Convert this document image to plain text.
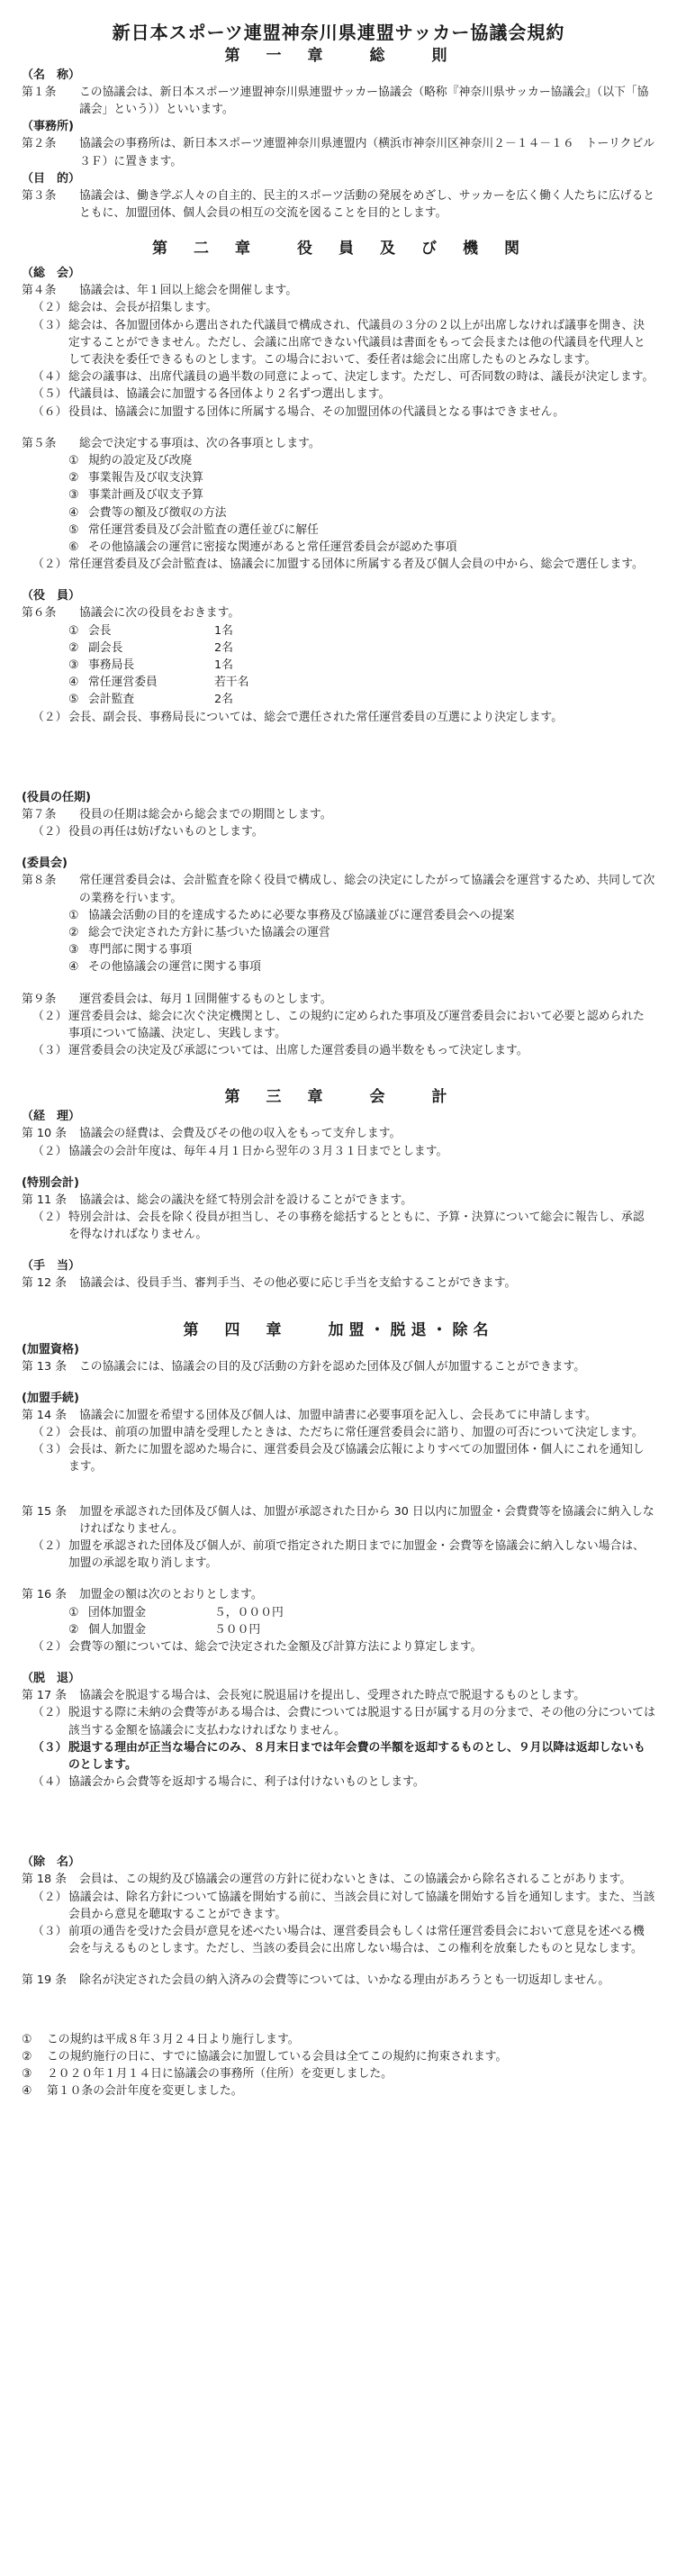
新日本スポーツ連盟神奈川県連盟サッカー協議会規約

第　一　章　　総　　則

（名　称）

第１条 この協議会は、新日本スポーツ連盟神奈川県連盟サッカー協議会（略称『神奈川県サッカー協議会』（以下「協議会」という））といいます。

（事務所)

第２条 協議会の事務所は、新日本スポーツ連盟神奈川県連盟内（横浜市神奈川区神奈川２－１４－１６　トーリクビル３Ｆ）に置きます。

（目　的）

第３条 協議会は、働き学ぶ人々の自主的、民主的スポーツ活動の発展をめざし、サッカーを広く働く人たちに広げるとともに、加盟団体、個人会員の相互の交流を図ることを目的とします。

第　二　章　　役　員　及　び　機　関

（総　会）

第４条 協議会は、年１回以上総会を開催します。
（２） 総会は、会長が招集します。
（３） 総会は、各加盟団体から選出された代議員で構成され、代議員の３分の２以上が出席しなければ議事を開き、決定することができません。ただし、会議に出席できない代議員は書面をもって会長または他の代議員を代理人として表決を委任できるものとします。この場合において、委任者は総会に出席したものとみなします。
（４） 総会の議事は、出席代議員の過半数の同意によって、決定します。ただし、可否同数の時は、議長が決定します。
（５） 代議員は、協議会に加盟する各団体より２名ずつ選出します。
（６） 役員は、協議会に加盟する団体に所属する場合、その加盟団体の代議員となる事はできません。
第５条 総会で決定する事項は、次の各事項とします。
① 規約の設定及び改廃
② 事業報告及び収支決算
③ 事業計画及び収支予算
④ 会費等の額及び徴収の方法
⑤ 常任運営委員及び会計監査の選任並びに解任
⑥ その他協議会の運営に密接な関連があると常任運営委員会が認めた事項
（２） 常任運営委員及び会計監査は、協議会に加盟する団体に所属する者及び個人会員の中から、総会で選任します。

（役　員）

第６条 協議会に次の役員をおきます。
① 会長	1名
② 副会長	2名
③ 事務局長	1名
④ 常任運営委員	若干名
⑤ 会計監査	2名
（２） 会長、副会長、事務局長については、総会で選任された常任運営委員の互選により決定します。

(役員の任期)

第７条 役員の任期は総会から総会までの期間とします。
（２） 役員の再任は妨げないものとします。

(委員会)

第８条 常任運営委員会は、会計監査を除く役員で構成し、総会の決定にしたがって協議会を運営するため、共同して次の業務を行います。
① 協議会活動の目的を達成するために必要な事務及び協議並びに運営委員会への提案
② 総会で決定された方針に基づいた協議会の運営
③ 専門部に関する事項
④ その他協議会の運営に関する事項
第９条 運営委員会は、毎月１回開催するものとします。
（２） 運営委員会は、総会に次ぐ決定機関とし、この規約に定められた事項及び運営委員会において必要と認められた事項について協議、決定し、実践します。
（３） 運営委員会の決定及び承認については、出席した運営委員の過半数をもって決定します。

第　三　章　　会　　計

（経　理）

第 10 条 協議会の経費は、会費及びその他の収入をもって支弁します。
（２） 協議会の会計年度は、毎年４月１日から翌年の３月３１日までとします。

(特別会計)

第 11 条 協議会は、総会の議決を経て特別会計を設けることができます。
（２） 特別会計は、会長を除く役員が担当し、その事務を総括するとともに、予算・決算について総会に報告し、承認を得なければなりません。

（手　当）

第 12 条 協議会は、役員手当、審判手当、その他必要に応じ手当を支給することができます。

第　四　章　　加盟・脱退・除名

(加盟資格)

第 13 条 この協議会には、協議会の目的及び活動の方針を認めた団体及び個人が加盟することができます。

(加盟手続)

第 14 条 協議会に加盟を希望する団体及び個人は、加盟申請書に必要事項を記入し、会長あてに申請します。
（２） 会長は、前項の加盟申請を受理したときは、ただちに常任運営委員会に諮り、加盟の可否について決定します。
（３） 会長は、新たに加盟を認めた場合に、運営委員会及び協議会広報によりすべての加盟団体・個人にこれを通知します。
第 15 条 加盟を承認された団体及び個人は、加盟が承認された日から 30 日以内に加盟金・会費費等を協議会に納入しなければなりません。
（２） 加盟を承認された団体及び個人が、前項で指定された期日までに加盟金・会費等を協議会に納入しない場合は、加盟の承認を取り消します。
第 16 条 加盟金の額は次のとおりとします。
① 団体加盟金	５，０００円
② 個人加盟金	５００円
（２） 会費等の額については、総会で決定された金額及び計算方法により算定します。

（脱　退）

第 17 条 協議会を脱退する場合は、会長宛に脱退届けを提出し、受理された時点で脱退するものとします。
（２） 脱退する際に未納の会費等がある場合は、会費については脱退する日が属する月の分まで、その他の分については該当する金額を協議会に支払わなければなりません。
（３） 脱退する理由が正当な場合にのみ、８月末日までは年会費の半額を返却するものとし、９月以降は返却しないものとします。
（４） 協議会から会費等を返却する場合に、利子は付けないものとします。

（除　名）

第 18 条 会員は、この規約及び協議会の運営の方針に従わないときは、この協議会から除名されることがあります。
（２） 協議会は、除名方針について協議を開始する前に、当該会員に対して協議を開始する旨を通知します。また、当該会員から意見を聴取することができます。
（３） 前項の通告を受けた会員が意見を述べたい場合は、運営委員会もしくは常任運営委員会において意見を述べる機会を与えるものとします。ただし、当該の委員会に出席しない場合は、この権利を放棄したものと見なします。
第 19 条 除名が決定された会員の納入済みの会費等については、いかなる理由があろうとも一切返却しません。
① この規約は平成８年３月２４日より施行します。
② この規約施行の日に、すでに協議会に加盟している会員は全てこの規約に拘束されます。
③ ２０２０年１月１４日に協議会の事務所（住所）を変更しました。
④ 第１０条の会計年度を変更しました。
